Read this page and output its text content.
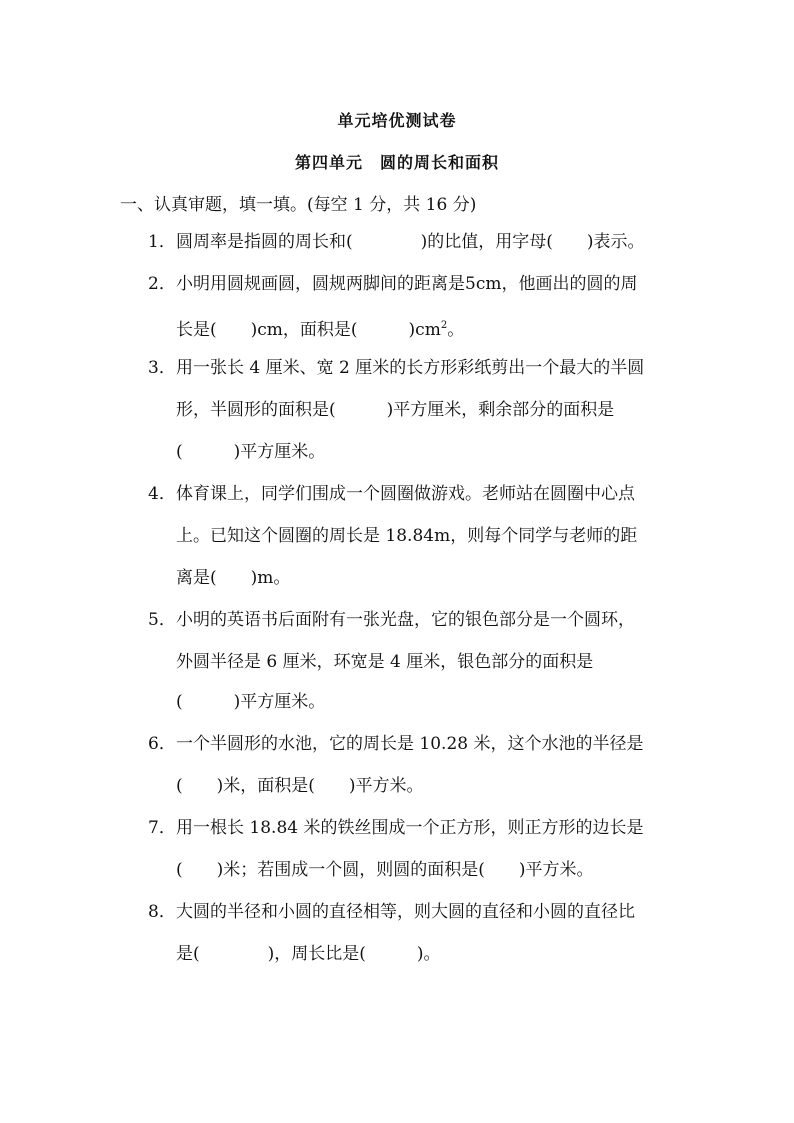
单元培优测试卷
第四单元　圆的周长和面积
一、认真审题，填一填。(每空 1 分，共 16 分)
1．圆周率是指圆的周长和(　　　　)的比值，用字母(　　)表示。
2．小明用圆规画圆，圆规两脚间的距离是5cm，他画出的圆的周
长是(　　)cm，面积是(　　　)$cm^2$。
3．用一张长 4 厘米、宽 2 厘米的长方形彩纸剪出一个最大的半圆
形，半圆形的面积是(　　　)平方厘米，剩余部分的面积是
(　　　)平方厘米。
4．体育课上，同学们围成一个圆圈做游戏。老师站在圆圈中心点
上。已知这个圆圈的周长是 18.84m，则每个同学与老师的距
离是(　　)m。
5．小明的英语书后面附有一张光盘，它的银色部分是一个圆环，
外圆半径是 6 厘米，环宽是 4 厘米，银色部分的面积是
(　　　)平方厘米。
6．一个半圆形的水池，它的周长是 10.28 米，这个水池的半径是
(　　)米，面积是(　　)平方米。
7．用一根长 18.84 米的铁丝围成一个正方形，则正方形的边长是
(　　)米；若围成一个圆，则圆的面积是(　　)平方米。
8．大圆的半径和小圆的直径相等，则大圆的直径和小圆的直径比
是(　　　　)，周长比是(　　　)。
